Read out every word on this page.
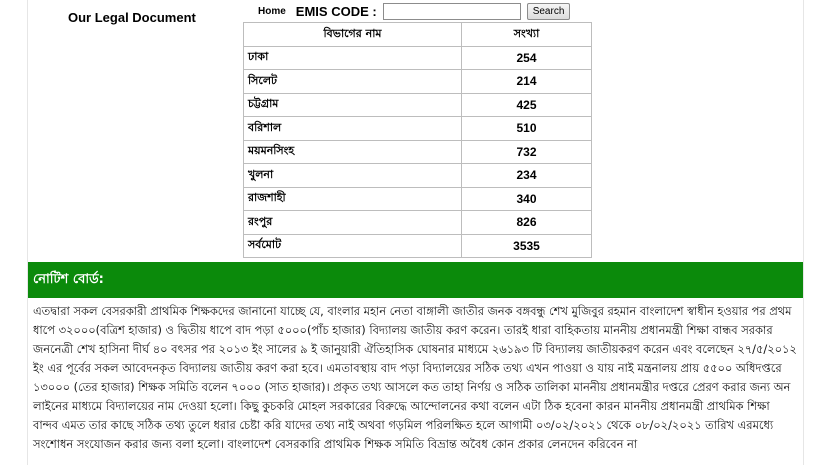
Our Legal Document	Home EMIS CODE :	Search
বিভাগের নাম	সংখ্যা
ঢাকা	254
সিলেট	214
চট্টগ্রাম	425
বরিশাল	510
ময়মনসিংহ	732
খুলনা	234
রাজশাহী	340
রংপুর	826
সর্বমোট	3535
নোটিশ বোর্ড:
এতদ্বারা সকল বেসরকারী প্রাথমিক শিক্ষকদের জানানো যাচ্ছে যে, বাংলার মহান নেতা বাঙ্গালী জাতীর জনক বঙ্গবন্ধু শেখ মুজিবুর রহমান বাংলাদেশ স্বাধীন হওয়ার পর প্রথম ধাপে ৩২০০০(বত্রিশ হাজার) ও দ্বিতীয় ধাপে বাদ পড়া ৫০০০(পাঁচ হাজার) বিদ্যালয় জাতীয় করণ করেন। তারই ধারা বাহিকতায় মাননীয় প্রধানমন্ত্রী শিক্ষা বান্ধব সরকার জননেত্রী শেখ হাসিনা দীর্ঘ ৪০ বৎসর পর ২০১৩ ইং সালের ৯ ই জানুয়ারী ঐতিহাসিক ঘোষনার মাধ্যমে ২৬১৯৩ টি বিদ্যালয় জাতীয়করণ করেন এবং বলেছেন ২৭/৫/২০১২ ইং এর পূর্বের সকল আবেদনকৃত বিদ্যালয় জাতীয় করণ করা হবে। এমতাবস্থায় বাদ পড়া বিদ্যালয়ের সঠিক তথ্য এখন পাওয়া ও যায় নাই মন্ত্রনালয় প্রায় ৫৫০০ অধিদপ্তরে ১৩০০০ (তের হাজার) শিক্ষক সমিতি বলেন ৭০০০ (সাত হাজার)। প্রকৃত তথ্য আসলে কত তাহা নির্ণয় ও সঠিক তালিকা মাননীয় প্রধানমন্ত্রীর দপ্তরে প্রেরণ করার জন্য অন লাইনের মাধ্যমে বিদ্যালয়ের নাম দেওয়া হলো। কিছু কুচকরি মোহল সরকারের বিরুদ্ধে আন্দোলনের কথা বলেন এটা ঠিক হবেনা কারন মাননীয় প্রধানমন্ত্রী প্রাথমিক শিক্ষা বান্দব এমত তার কাছে সঠিক তথ্য তুলে ধরার চেষ্টা করি যাদের তথ্য নাই অথবা গড়মিল পরিলক্ষিত হলে আগামী ০৩/০২/২০২১ থেকে ০৮/০২/২০২১ তারিখ এরমধ্যে সংশোধন সংযোজন করার জন্য বলা হলো। বাংলাদেশ বেসরকারি প্রাথমিক শিক্ষক সমিতি বিভ্রান্ত অবৈধ কোন প্রকার লেনদেন করিবেন না
